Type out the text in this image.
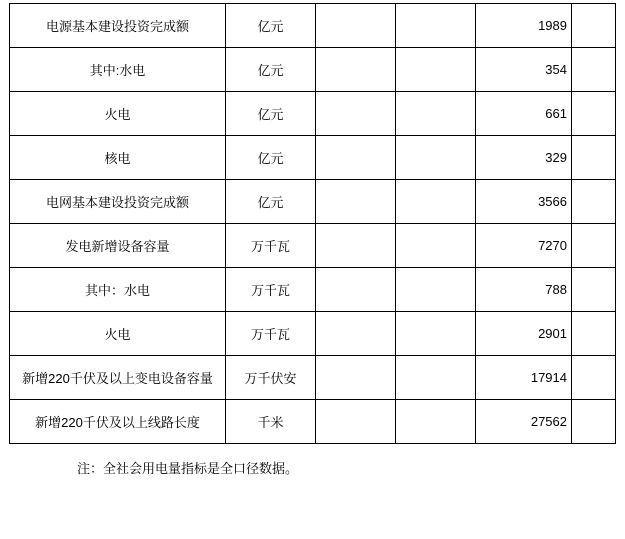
电源基本建设投资完成额	亿元			1989	
其中:水电	亿元			354	
火电	亿元			661	
核电	亿元			329	
电网基本建设投资完成额	亿元			3566	
发电新增设备容量	万千瓦			7270	
其中：水电	万千瓦			788	
火电	万千瓦			2901	
新增220千伏及以上变电设备容量	万千伏安			17914	
新增220千伏及以上线路长度	千米			27562	
注：全社会用电量指标是全口径数据。
